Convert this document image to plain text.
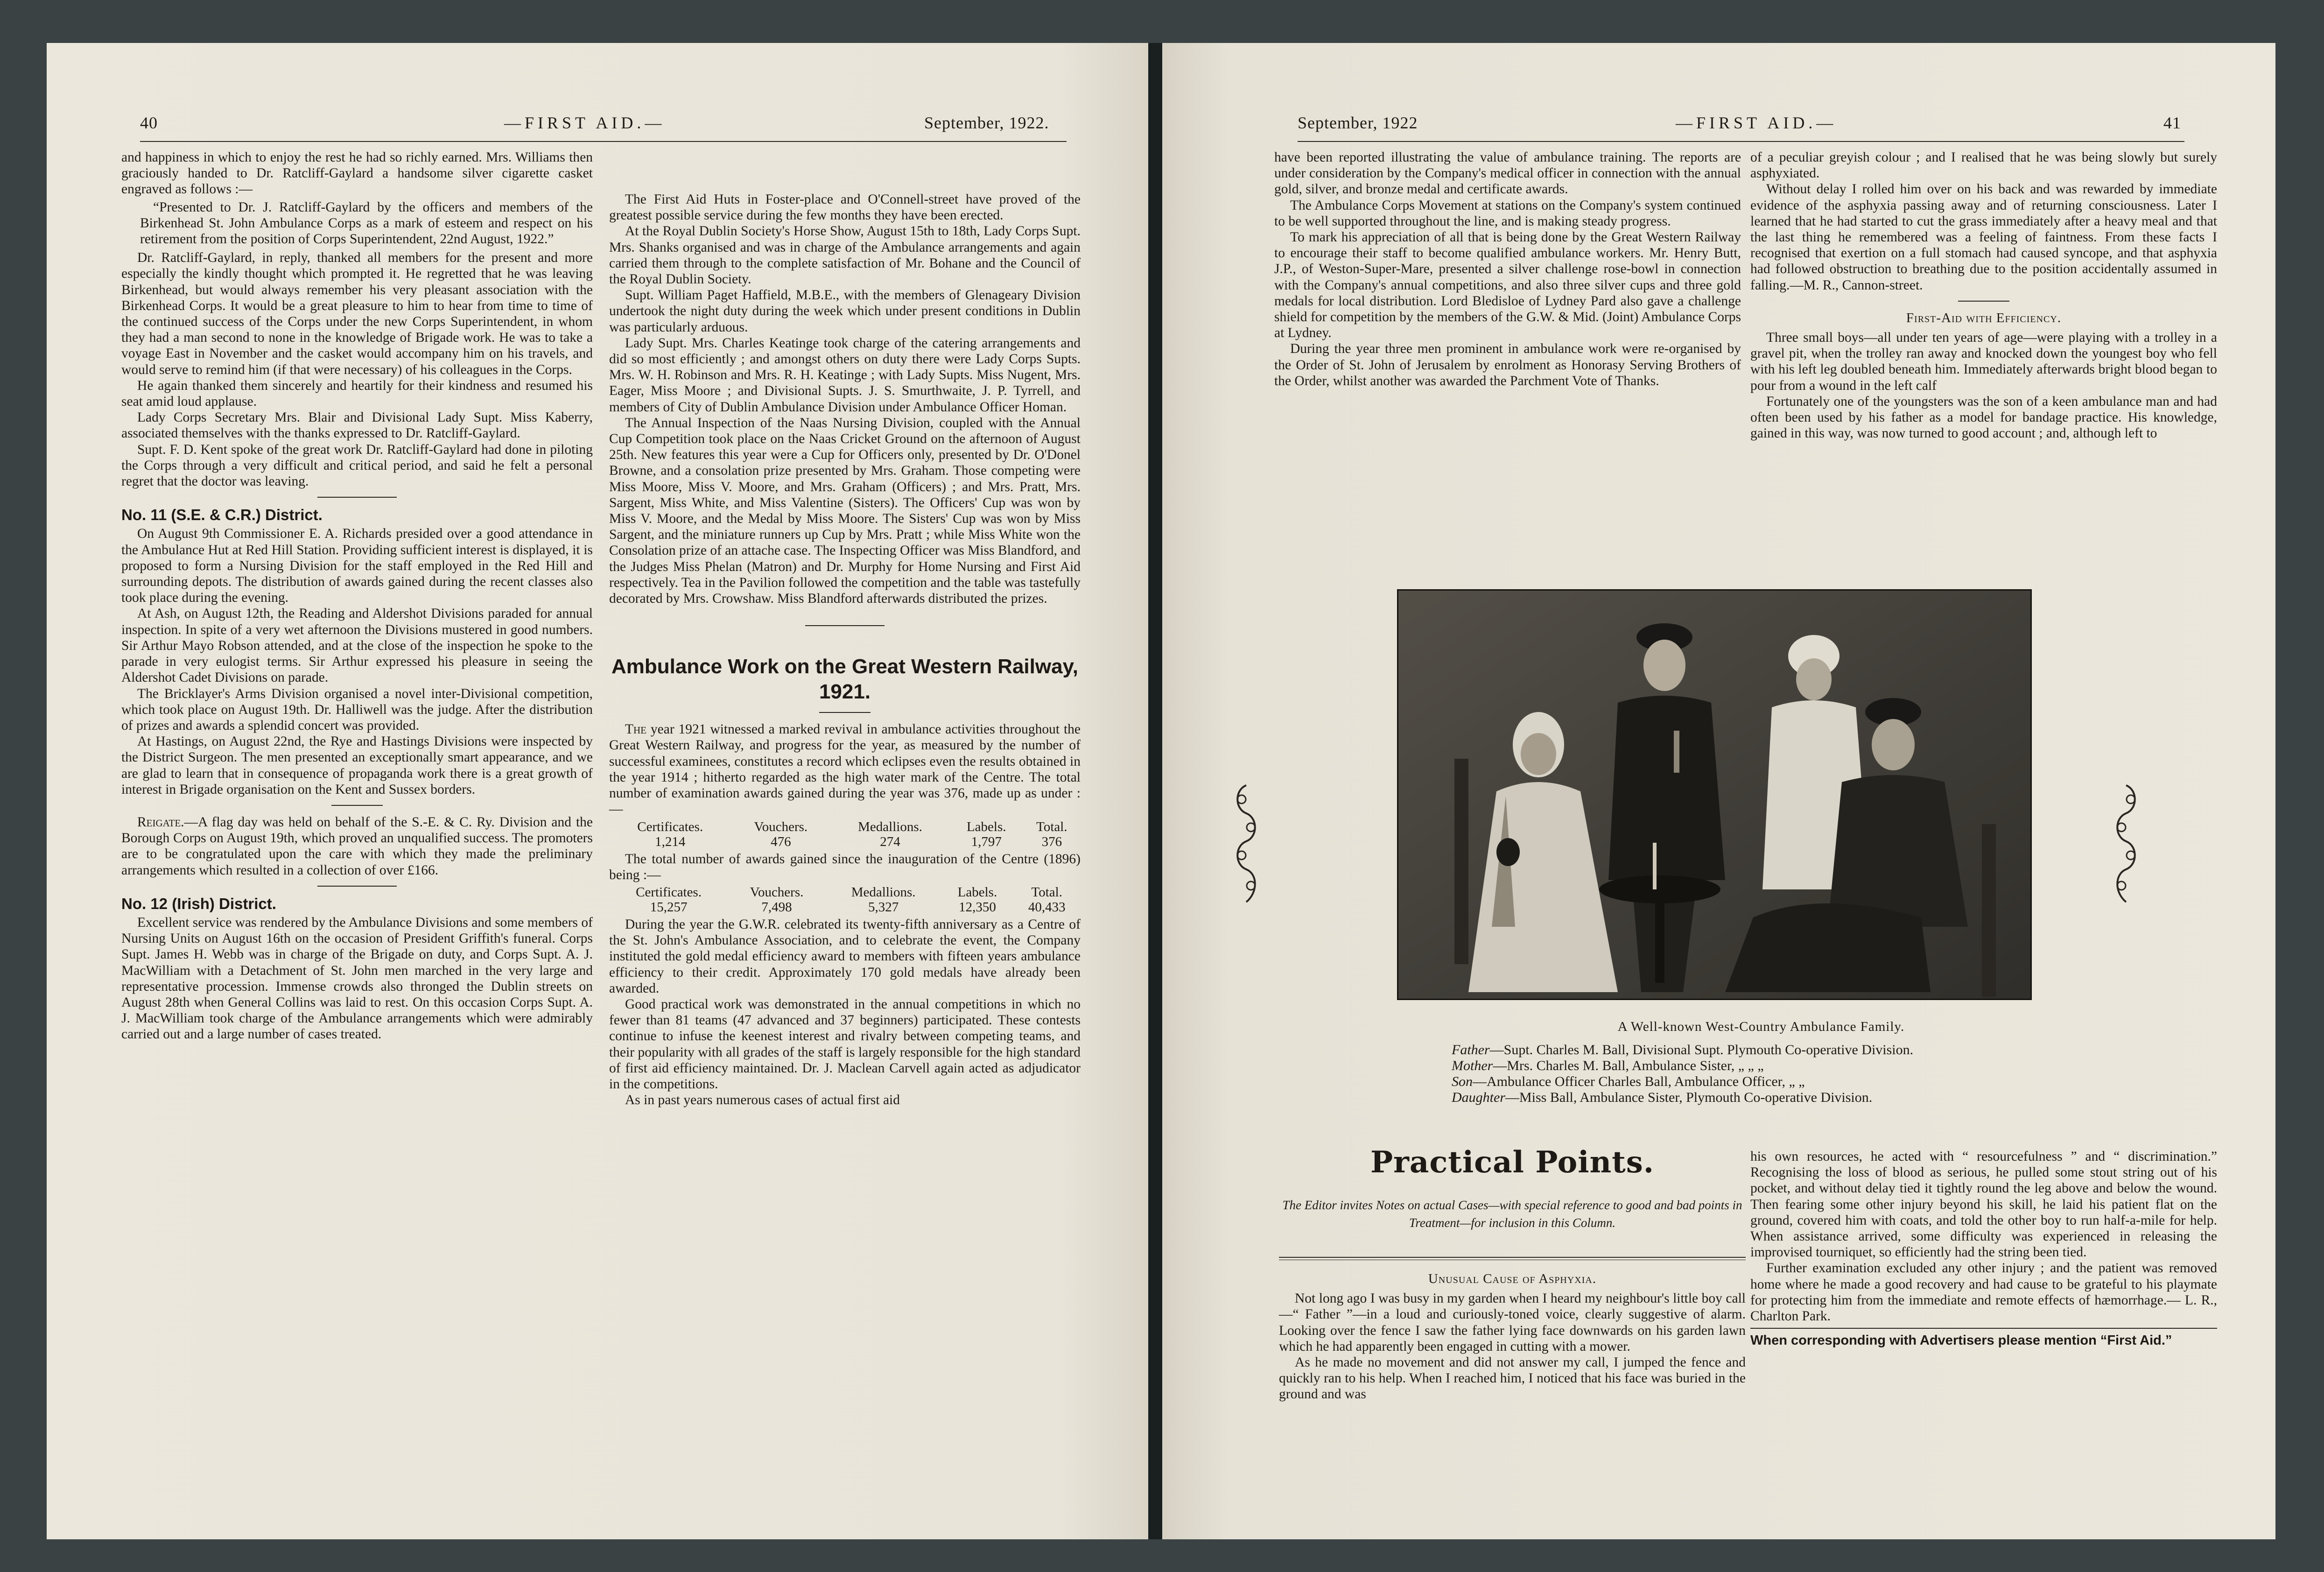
40	—FIRST AID.—	September, 1922.

and happiness in which to enjoy the rest he had so richly earned. Mrs. Williams then graciously handed to Dr. Ratcliff-Gaylard a handsome silver cigarette casket engraved as follows :—

“Presented to Dr. J. Ratcliff-Gaylard by the officers and members of the Birkenhead St. John Ambulance Corps as a mark of esteem and respect on his retirement from the position of Corps Superintendent, 22nd August, 1922.”

Dr. Ratcliff-Gaylard, in reply, thanked all members for the present and more especially the kindly thought which prompted it. He regretted that he was leaving Birkenhead, but would always remember his very pleasant association with the Birkenhead Corps. It would be a great pleasure to him to hear from time to time of the continued success of the Corps under the new Corps Superintendent, in whom they had a man second to none in the knowledge of Brigade work. He was to take a voyage East in November and the casket would accompany him on his travels, and would serve to remind him (if that were necessary) of his colleagues in the Corps.

He again thanked them sincerely and heartily for their kindness and resumed his seat amid loud applause.

Lady Corps Secretary Mrs. Blair and Divisional Lady Supt. Miss Kaberry, associated themselves with the thanks expressed to Dr. Ratcliff-Gaylard.

Supt. F. D. Kent spoke of the great work Dr. Ratcliff-Gaylard had done in piloting the Corps through a very difficult and critical period, and said he felt a personal regret that the doctor was leaving.

No. 11 (S.E. & C.R.) District.

On August 9th Commissioner E. A. Richards presided over a good attendance in the Ambulance Hut at Red Hill Station. Providing sufficient interest is displayed, it is proposed to form a Nursing Division for the staff employed in the Red Hill and surrounding depots. The distribution of awards gained during the recent classes also took place during the evening.

At Ash, on August 12th, the Reading and Aldershot Divisions paraded for annual inspection. In spite of a very wet afternoon the Divisions mustered in good numbers. Sir Arthur Mayo Robson attended, and at the close of the inspection he spoke to the parade in very eulogist terms. Sir Arthur expressed his pleasure in seeing the Aldershot Cadet Divisions on parade.

The Bricklayer's Arms Division organised a novel inter-Divisional competition, which took place on August 19th. Dr. Halliwell was the judge. After the distribution of prizes and awards a splendid concert was provided.

At Hastings, on August 22nd, the Rye and Hastings Divisions were inspected by the District Surgeon. The men presented an exceptionally smart appearance, and we are glad to learn that in consequence of propaganda work there is a great growth of interest in Brigade organisation on the Kent and Sussex borders.

Reigate.—A flag day was held on behalf of the S.-E. & C. Ry. Division and the Borough Corps on August 19th, which proved an unqualified success. The promoters are to be congratulated upon the care with which they made the preliminary arrangements which resulted in a collection of over £166.

No. 12 (Irish) District.

Excellent service was rendered by the Ambulance Divisions and some members of Nursing Units on August 16th on the occasion of President Griffith's funeral. Corps Supt. James H. Webb was in charge of the Brigade on duty, and Corps Supt. A. J. MacWilliam with a Detachment of St. John men marched in the very large and representative procession. Immense crowds also thronged the Dublin streets on August 28th when General Collins was laid to rest. On this occasion Corps Supt. A. J. MacWilliam took charge of the Ambulance arrangements which were admirably carried out and a large number of cases treated.

The First Aid Huts in Foster-place and O'Connell-street have proved of the greatest possible service during the few months they have been erected.

At the Royal Dublin Society's Horse Show, August 15th to 18th, Lady Corps Supt. Mrs. Shanks organised and was in charge of the Ambulance arrangements and again carried them through to the complete satisfaction of Mr. Bohane and the Council of the Royal Dublin Society.

Supt. William Paget Haffield, M.B.E., with the members of Glenageary Division undertook the night duty during the week which under present conditions in Dublin was particularly arduous.

Lady Supt. Mrs. Charles Keatinge took charge of the catering arrangements and did so most efficiently ; and amongst others on duty there were Lady Corps Supts. Mrs. W. H. Robinson and Mrs. R. H. Keatinge ; with Lady Supts. Miss Nugent, Mrs. Eager, Miss Moore ; and Divisional Supts. J. S. Smurthwaite, J. P. Tyrrell, and members of City of Dublin Ambulance Division under Ambulance Officer Homan.

The Annual Inspection of the Naas Nursing Division, coupled with the Annual Cup Competition took place on the Naas Cricket Ground on the afternoon of August 25th. New features this year were a Cup for Officers only, presented by Dr. O'Donel Browne, and a consolation prize presented by Mrs. Graham. Those competing were Miss Moore, Miss V. Moore, and Mrs. Graham (Officers) ; and Mrs. Pratt, Mrs. Sargent, Miss White, and Miss Valentine (Sisters). The Officers' Cup was won by Miss V. Moore, and the Medal by Miss Moore. The Sisters' Cup was won by Miss Sargent, and the miniature runners up Cup by Mrs. Pratt ; while Miss White won the Consolation prize of an attache case. The Inspecting Officer was Miss Blandford, and the Judges Miss Phelan (Matron) and Dr. Murphy for Home Nursing and First Aid respectively. Tea in the Pavilion followed the competition and the table was tastefully decorated by Mrs. Crowshaw. Miss Blandford afterwards distributed the prizes.

Ambulance Work on the Great Western Railway, 1921.

The year 1921 witnessed a marked revival in ambulance activities throughout the Great Western Railway, and progress for the year, as measured by the number of successful examinees, constitutes a record which eclipses even the results obtained in the year 1914 ; hitherto regarded as the high water mark of the Centre. The total number of examination awards gained during the year was 376, made up as under :—

Certificates.	Vouchers.	Medallions.	Labels.	Total.
1,214	476	274	1,797	376

The total number of awards gained since the inauguration of the Centre (1896) being :—

Certificates.	Vouchers.	Medallions.	Labels.	Total.
15,257	7,498	5,327	12,350	40,433

During the year the G.W.R. celebrated its twenty-fifth anniversary as a Centre of the St. John's Ambulance Association, and to celebrate the event, the Company instituted the gold medal efficiency award to members with fifteen years ambulance efficiency to their credit. Approximately 170 gold medals have already been awarded.

Good practical work was demonstrated in the annual competitions in which no fewer than 81 teams (47 advanced and 37 beginners) participated. These contests continue to infuse the keenest interest and rivalry between competing teams, and their popularity with all grades of the staff is largely responsible for the high standard of first aid efficiency maintained. Dr. J. Maclean Carvell again acted as adjudicator in the competitions.

As in past years numerous cases of actual first aid

September, 1922	—FIRST AID.—	41

have been reported illustrating the value of ambulance training. The reports are under consideration by the Company's medical officer in connection with the annual gold, silver, and bronze medal and certificate awards.

The Ambulance Corps Movement at stations on the Company's system continued to be well supported throughout the line, and is making steady progress.

To mark his appreciation of all that is being done by the Great Western Railway to encourage their staff to become qualified ambulance workers. Mr. Henry Butt, J.P., of Weston-Super-Mare, presented a silver challenge rose-bowl in connection with the Company's annual competitions, and also three silver cups and three gold medals for local distribution. Lord Bledisloe of Lydney Pard also gave a challenge shield for competition by the members of the G.W. & Mid. (Joint) Ambulance Corps at Lydney.

During the year three men prominent in ambulance work were re-organised by the Order of St. John of Jerusalem by enrolment as Honorasy Serving Brothers of the Order, whilst another was awarded the Parchment Vote of Thanks.

of a peculiar greyish colour ; and I realised that he was being slowly but surely asphyxiated.

Without delay I rolled him over on his back and was rewarded by immediate evidence of the asphyxia passing away and of returning consciousness. Later I learned that he had started to cut the grass immediately after a heavy meal and that the last thing he remembered was a feeling of faintness. From these facts I recognised that exertion on a full stomach had caused syncope, and that asphyxia had followed obstruction to breathing due to the position accidentally assumed in falling.—M. R., Cannon-street.

First-Aid with Efficiency.

Three small boys—all under ten years of age—were playing with a trolley in a gravel pit, when the trolley ran away and knocked down the youngest boy who fell with his left leg doubled beneath him. Immediately afterwards bright blood began to pour from a wound in the left calf

Fortunately one of the youngsters was the son of a keen ambulance man and had often been used by his father as a model for bandage practice. His knowledge, gained in this way, was now turned to good account ; and, although left to

A Well-known West-Country Ambulance Family.
Father—Supt. Charles M. Ball, Divisional Supt. Plymouth Co-operative Division.
Mother—Mrs. Charles M. Ball, Ambulance Sister, „ „ „
Son—Ambulance Officer Charles Ball, Ambulance Officer, „ „
Daughter—Miss Ball, Ambulance Sister, Plymouth Co-operative Division.
Practical Points.
The Editor invites Notes on actual Cases—with special reference to good and bad points in Treatment—for inclusion in this Column.
Unusual Cause of Asphyxia.

Not long ago I was busy in my garden when I heard my neighbour's little boy call—“ Father ”—in a loud and curiously-toned voice, clearly suggestive of alarm. Looking over the fence I saw the father lying face downwards on his garden lawn which he had apparently been engaged in cutting with a mower.

As he made no movement and did not answer my call, I jumped the fence and quickly ran to his help. When I reached him, I noticed that his face was buried in the ground and was

his own resources, he acted with “ resourcefulness ” and “ discrimination.” Recognising the loss of blood as serious, he pulled some stout string out of his pocket, and without delay tied it tightly round the leg above and below the wound. Then fearing some other injury beyond his skill, he laid his patient flat on the ground, covered him with coats, and told the other boy to run half-a-mile for help. When assistance arrived, some difficulty was experienced in releasing the improvised tourniquet, so efficiently had the string been tied.

Further examination excluded any other injury ; and the patient was removed home where he made a good recovery and had cause to be grateful to his playmate for protecting him from the immediate and remote effects of hæmorrhage.— L. R., Charlton Park.

When corresponding with Advertisers please mention “First Aid.”
